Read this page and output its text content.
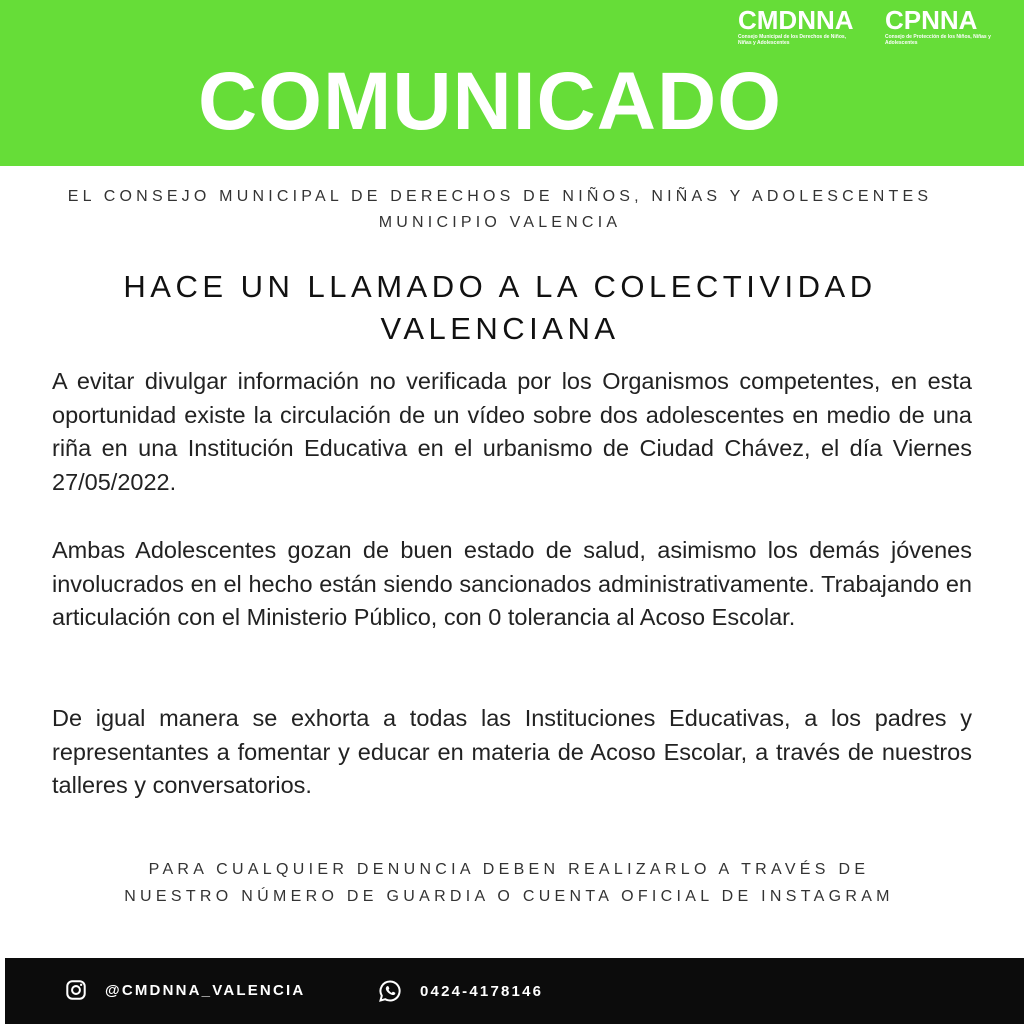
CMDNNA
Consejo Municipal de los Derechos de Niños, Niñas y Adolescentes
CPNNA
Consejo de Protección de los Niños, Niñas y Adolescentes
COMUNICADO
EL CONSEJO MUNICIPAL DE DERECHOS DE NIÑOS, NIÑAS Y ADOLESCENTES
MUNICIPIO VALENCIA
HACE UN LLAMADO A LA COLECTIVIDAD
VALENCIANA

A evitar divulgar información no verificada por los Organismos competentes, en esta oportunidad existe la circulación de un vídeo sobre dos adolescentes en medio de una riña en una Institución Educativa en el urbanismo de Ciudad Chávez, el día Viernes 27/05/2022.

Ambas Adolescentes gozan de buen estado de salud, asimismo los demás jóvenes involucrados en el hecho están siendo sancionados administrativamente. Trabajando en articulación con el Ministerio Público, con 0 tolerancia al Acoso Escolar.

De igual manera se exhorta a todas las Instituciones Educativas, a los padres y representantes a fomentar y educar en materia de Acoso Escolar, a través de nuestros talleres y conversatorios.

PARA CUALQUIER DENUNCIA DEBEN REALIZARLO A TRAVÉS DE
NUESTRO NÚMERO DE GUARDIA O CUENTA OFICIAL DE INSTAGRAM
@CMDNNA_VALENCIA	0424-4178146
